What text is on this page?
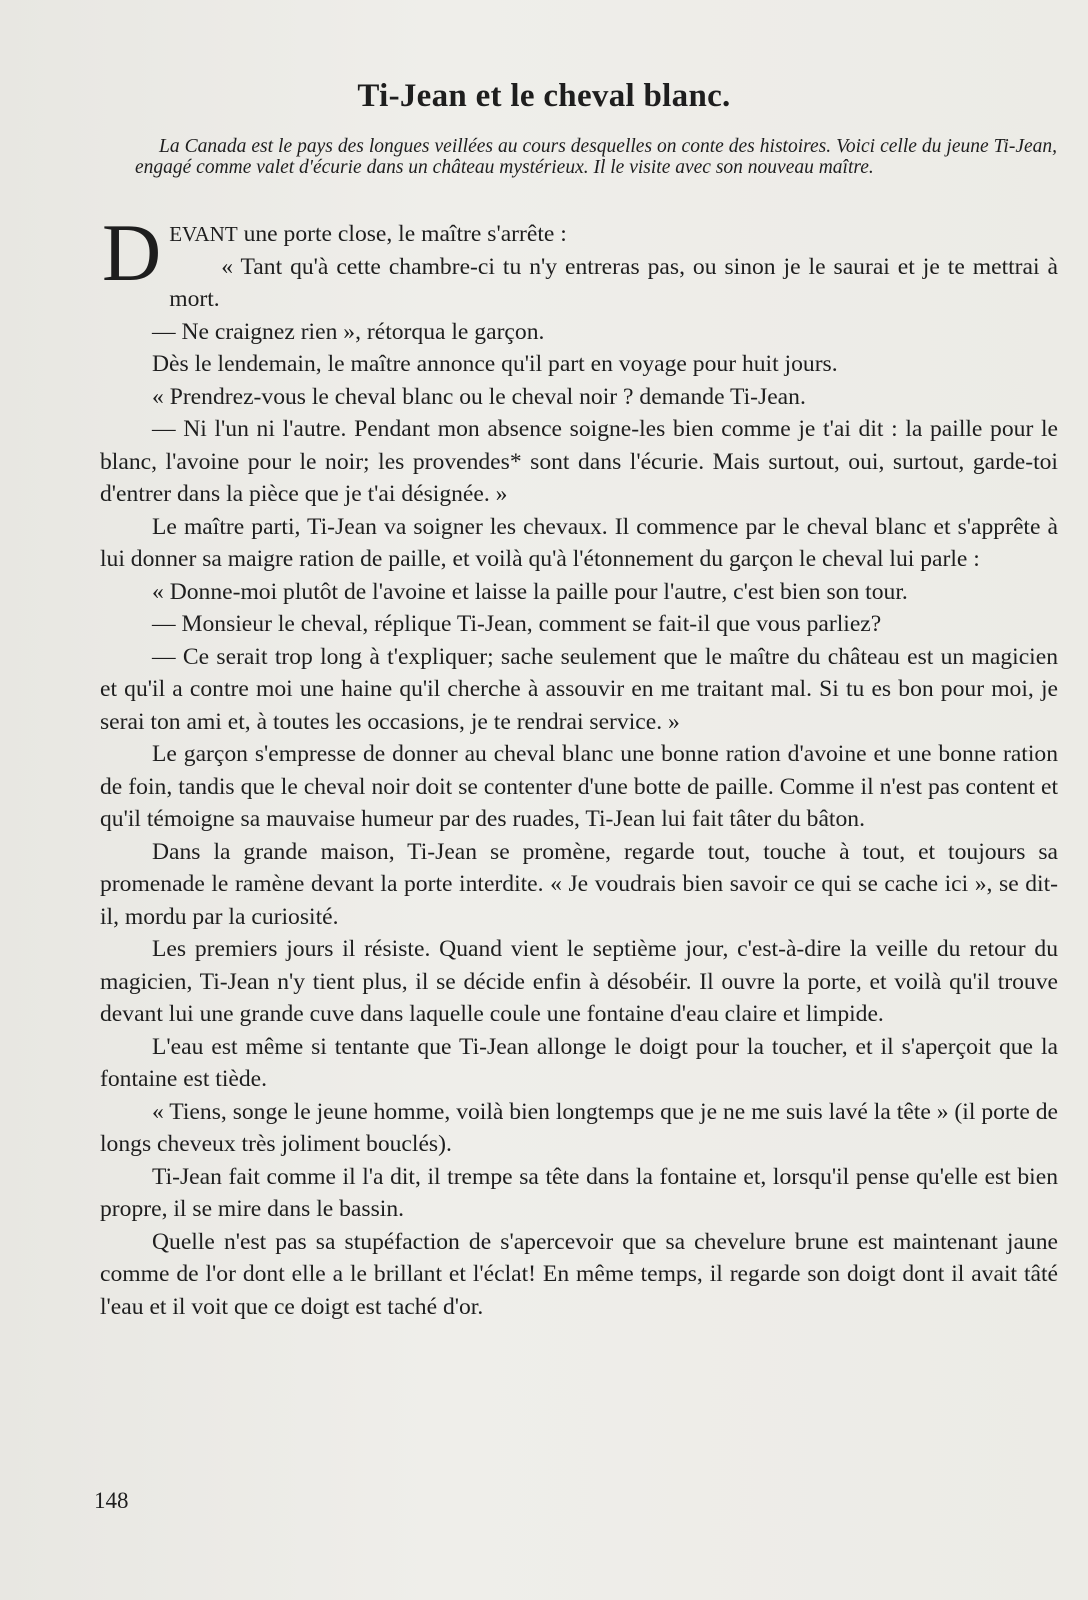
Ti-Jean et le cheval blanc.

La Canada est le pays des longues veillées au cours desquelles on conte des histoires. Voici celle du jeune Ti-Jean, engagé comme valet d'écurie dans un château mystérieux. Il le visite avec son nouveau maître.

DEVANT une porte close, le maître s'arrête :

« Tant qu'à cette chambre-ci tu n'y entreras pas, ou sinon je le saurai et je te mettrai à mort.

— Ne craignez rien », rétorqua le garçon.

Dès le lendemain, le maître annonce qu'il part en voyage pour huit jours.

« Prendrez-vous le cheval blanc ou le cheval noir ? demande Ti-Jean.

— Ni l'un ni l'autre. Pendant mon absence soigne-les bien comme je t'ai dit : la paille pour le blanc, l'avoine pour le noir; les provendes* sont dans l'écurie. Mais surtout, oui, surtout, garde-toi d'entrer dans la pièce que je t'ai désignée. »

Le maître parti, Ti-Jean va soigner les chevaux. Il commence par le cheval blanc et s'apprête à lui donner sa maigre ration de paille, et voilà qu'à l'étonnement du garçon le cheval lui parle :

« Donne-moi plutôt de l'avoine et laisse la paille pour l'autre, c'est bien son tour.

— Monsieur le cheval, réplique Ti-Jean, comment se fait-il que vous parliez?

— Ce serait trop long à t'expliquer; sache seulement que le maître du château est un magicien et qu'il a contre moi une haine qu'il cherche à assouvir en me traitant mal. Si tu es bon pour moi, je serai ton ami et, à toutes les occasions, je te rendrai service. »

Le garçon s'empresse de donner au cheval blanc une bonne ration d'avoine et une bonne ration de foin, tandis que le cheval noir doit se contenter d'une botte de paille. Comme il n'est pas content et qu'il témoigne sa mauvaise humeur par des ruades, Ti-Jean lui fait tâter du bâton.

Dans la grande maison, Ti-Jean se promène, regarde tout, touche à tout, et toujours sa promenade le ramène devant la porte interdite. « Je voudrais bien savoir ce qui se cache ici », se dit-il, mordu par la curiosité.

Les premiers jours il résiste. Quand vient le septième jour, c'est-à-dire la veille du retour du magicien, Ti-Jean n'y tient plus, il se décide enfin à désobéir. Il ouvre la porte, et voilà qu'il trouve devant lui une grande cuve dans laquelle coule une fontaine d'eau claire et limpide.

L'eau est même si tentante que Ti-Jean allonge le doigt pour la toucher, et il s'aperçoit que la fontaine est tiède.

« Tiens, songe le jeune homme, voilà bien longtemps que je ne me suis lavé la tête » (il porte de longs cheveux très joliment bouclés).

Ti-Jean fait comme il l'a dit, il trempe sa tête dans la fontaine et, lorsqu'il pense qu'elle est bien propre, il se mire dans le bassin.

Quelle n'est pas sa stupéfaction de s'apercevoir que sa chevelure brune est maintenant jaune comme de l'or dont elle a le brillant et l'éclat! En même temps, il regarde son doigt dont il avait tâté l'eau et il voit que ce doigt est taché d'or.

148
